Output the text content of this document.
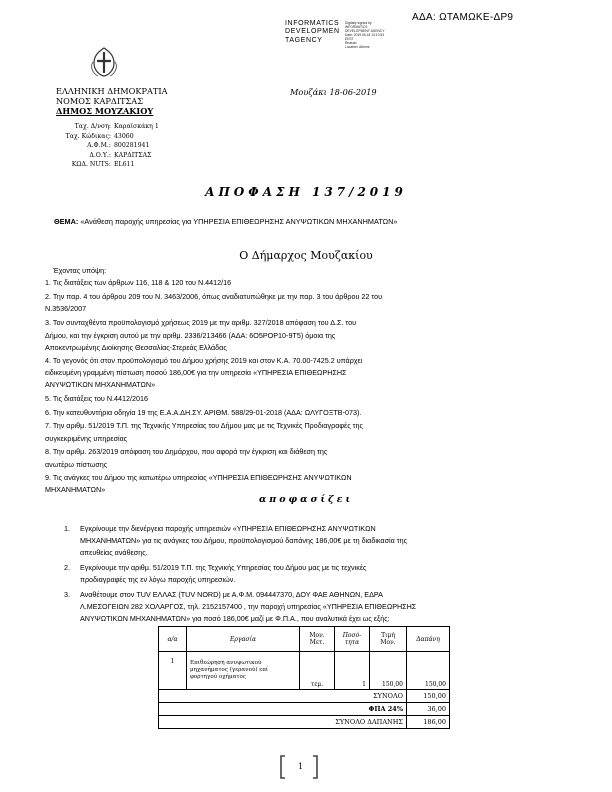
ΑΔΑ: ΩΤΑΜΩΚΕ-ΔΡ9
INFORMATICS
DEVELOPMEN
TAGENCY
Digitally signed by
INFORMATICS
DEVELOPMENT AGENCY
Date: 2019.06.18 13:10:53
EEST
Reason:
Location: Athens
ΕΛΛΗΝΙΚΗ ΔΗΜΟΚΡΑΤΙΑ
ΝΟΜΟΣ ΚΑΡΔΙΤΣΑΣ
ΔΗΜΟΣ ΜΟΥΖΑΚΙΟΥ
Μουζάκι 18-06-2019
Ταχ. Δ/νση: Καραϊσκάκη 1
Ταχ. Κώδικας: 43060
Α.Φ.Μ.: 800281941
Δ.Ο.Υ.: ΚΑΡΔΙΤΣΑΣ
ΚΩΔ. NUTS: EL611
ΑΠΟΦΑΣΗ 137/2019
ΘΕΜΑ: «Ανάθεση παροχής υπηρεσίας για ΥΠΗΡΕΣΙΑ ΕΠΙΘΕΩΡΗΣΗΣ ΑΝΥΨΩΤΙΚΩΝ ΜΗΧΑΝΗΜΑΤΩΝ»
Ο Δήμαρχος Μουζακίου
Έχοντας υπόψη:
1. Τις διατάξεις των άρθρων 116, 118 & 120 του Ν.4412/16
2. Την παρ. 4 του άρθρου 209 του Ν. 3463/2006, όπως αναδιατυπώθηκε με την παρ. 3 του άρθρου 22 του
Ν.3536/2007
3. Τον συνταχθέντα προϋπολογισμό χρήσεως 2019 με την αριθμ. 327/2018 απόφαση του Δ.Σ. του
Δήμου, και την έγκριση αυτού με την αριθμ. 2336/213466 (ΑΔΑ: 6Ο5ΡΟΡ10-9Τ5) όμοια της
Αποκεντρωμένης Διοίκησης Θεσσαλίας-Στερεάς Ελλάδας
4. Το γεγονός ότι στον προϋπολογισμό του Δήμου χρήσης 2019 και στον Κ.Α. 70.00-7425.2 υπάρχει
ειδικευμένη γραμμένη πίστωση ποσού 186,00€ για την υπηρεσία «ΥΠΗΡΕΣΙΑ ΕΠΙΘΕΩΡΗΣΗΣ
ΑΝΥΨΩΤΙΚΩΝ ΜΗΧΑΝΗΜΑΤΩΝ»
5. Τις διατάξεις του Ν.4412/2016
6. Την κατευθυντήρια οδηγία 19 της Ε.Α.Α.ΔΗ.ΣΥ. ΑΡΙΘΜ. 588/29-01-2018 (ΑΔΑ: ΩΛΥΓΟΞΤΒ-073).
7. Την αριθμ. 51/2019 Τ.Π. της Τεχνικής Υπηρεσίας του Δήμου μας με τις Τεχνικές Προδιαγραφές της
συγκεκριμένης υπηρεσίας
8. Την αριθμ. 263/2019 απόφαση του Δημάρχου, που αφορά την έγκριση και διάθεση της
ανωτέρω πίστωσης
9. Τις ανάγκες του Δήμου της κατωτέρω υπηρεσίας «ΥΠΗΡΕΣΙΑ ΕΠΙΘΕΩΡΗΣΗΣ ΑΝΥΨΩΤΙΚΩΝ
ΜΗΧΑΝΗΜΑΤΩΝ»
αποφασίζει
1. Εγκρίνουμε την διενέργεια παροχής υπηρεσιών «ΥΠΗΡΕΣΙΑ ΕΠΙΘΕΩΡΗΣΗΣ ΑΝΥΨΩΤΙΚΩΝ
ΜΗΧΑΝΗΜΑΤΩΝ» για τις ανάγκες του Δήμου, προϋπολογισμού δαπάνης 186,00€ με τη διαδικασία της
απευθείας ανάθεσης.
2. Εγκρίνουμε την αριθμ. 51/2019 Τ.Π. της Τεχνικής Υπηρεσίας του Δήμου μας με τις τεχνικές
προδιαγραφές της εν λόγω παροχής υπηρεσιών.
3. Αναθέτουμε στον TUV ΕΛΛΑΣ (TUV NORD) με Α.Φ.Μ. 094447370, ΔΟΥ ΦΑΕ ΑΘΗΝΩΝ, ΕΔΡΑ
Λ.ΜΕΣΟΓΕΙΩΝ 282 ΧΟΛΑΡΓΟΣ, τηλ. 2152157400 , την παροχή υπηρεσίας «ΥΠΗΡΕΣΙΑ ΕΠΙΘΕΩΡΗΣΗΣ
ΑΝΥΨΩΤΙΚΩΝ ΜΗΧΑΝΗΜΑΤΩΝ» για ποσό 186,00€ μαζί με Φ.Π.Α., που αναλυτικά έχει ως εξής:
α/α	Εργασία	Μον. Μετ.	Ποσό-τητα	Τιμή Μον.	Δαπάνη
1	Επιθεώρηση ανυψωτικού μηχανήματος (γερανού) επί φορτηγού οχήματος	τεμ.	1	150,00	150,00
ΣΥΝΟΛΟ					150,00
ΦΠΑ 24%					36,00
ΣΥΝΟΛΟ ΔΑΠΑΝΗΣ					186,00
1
